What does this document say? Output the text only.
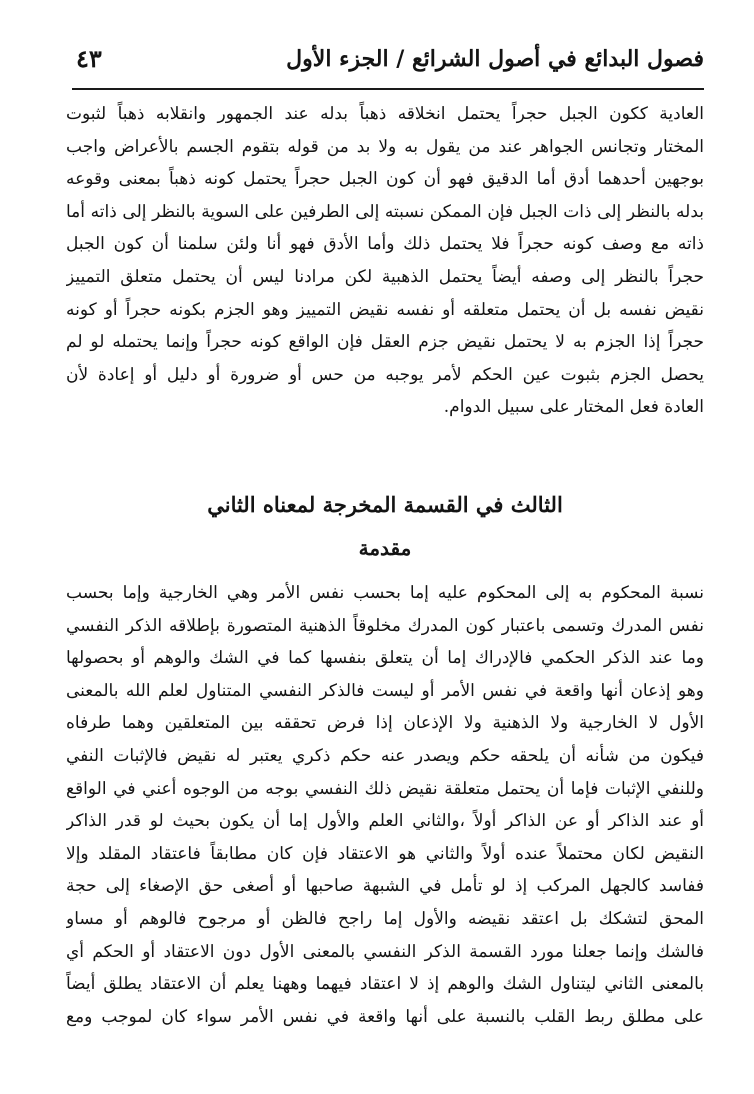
فصول البدائع في أصول الشرائع / الجزء الأول
٤٣
العادية ككون الجبل حجراً يحتمل انخلاقه ذهباً بدله عند الجمهور وانقلابه ذهباً لثبوت
المختار وتجانس الجواهر عند من يقول به ولا بد من قوله بتقوم الجسم بالأعراض واجب
بوجهين أحدهما أدق أما الدقيق فهو أن كون الجبل حجراً يحتمل كونه ذهباً بمعنى وقوعه
بدله بالنظر إلى ذات الجبل فإن الممكن نسبته إلى الطرفين على السوية بالنظر إلى ذاته أما
ذاته مع وصف كونه حجراً فلا يحتمل ذلك وأما الأدق فهو أنا ولئن سلمنا أن كون الجبل
حجراً بالنظر إلى وصفه أيضاً يحتمل الذهبية لكن مرادنا ليس أن يحتمل متعلق التمييز
نقيض نفسه بل أن يحتمل متعلقه أو نفسه نقيض التمييز وهو الجزم بكونه حجراً أو كونه
حجراً إذا الجزم به لا يحتمل نقيض جزم العقل فإن الواقع كونه حجراً وإنما يحتمله لو لم
يحصل الجزم بثبوت عين الحكم لأمر يوجبه من حس أو ضرورة أو دليل أو إعادة لأن
العادة فعل المختار على سبيل الدوام.
الثالث في القسمة المخرجة لمعناه الثاني
مقدمة
نسبة المحكوم به إلى المحكوم عليه إما بحسب نفس الأمر وهي الخارجية وإما بحسب
نفس المدرك وتسمى باعتبار كون المدرك مخلوقاً الذهنية المتصورة بإطلاقه الذكر النفسي
وما عند الذكر الحكمي فالإدراك إما أن يتعلق بنفسها كما في الشك والوهم أو بحصولها
وهو إذعان أنها واقعة في نفس الأمر أو ليست فالذكر النفسي المتناول لعلم الله بالمعنى
الأول لا الخارجية ولا الذهنية ولا الإذعان إذا فرض تحققه بين المتعلقين وهما طرفاه
فيكون من شأنه أن يلحقه حكم ويصدر عنه حكم ذكري يعتبر له نقيض فالإثبات النفي
وللنفي الإثبات فإما أن يحتمل متعلقة نقيض ذلك النفسي بوجه من الوجوه أعني في الواقع
أو عند الذاكر أو عن الذاكر أولاً ،والثاني العلم والأول إما أن يكون بحيث لو قدر الذاكر
النقيض لكان محتملاً عنده أولاً والثاني هو الاعتقاد فإن كان مطابقاً فاعتقاد المقلد وإلا
ففاسد كالجهل المركب إذ لو تأمل في الشبهة صاحبها أو أصغى حق الإصغاء إلى حجة
المحق لتشكك بل اعتقد نقيضه والأول إما راجح فالظن أو مرجوح فالوهم أو مساو
فالشك وإنما جعلنا مورد القسمة الذكر النفسي بالمعنى الأول دون الاعتقاد أو الحكم أي
بالمعنى الثاني ليتناول الشك والوهم إذ لا اعتقاد فيهما وههنا يعلم أن الاعتقاد يطلق أيضاً
على مطلق ربط القلب بالنسبة على أنها واقعة في نفس الأمر سواء كان لموجب ومع
